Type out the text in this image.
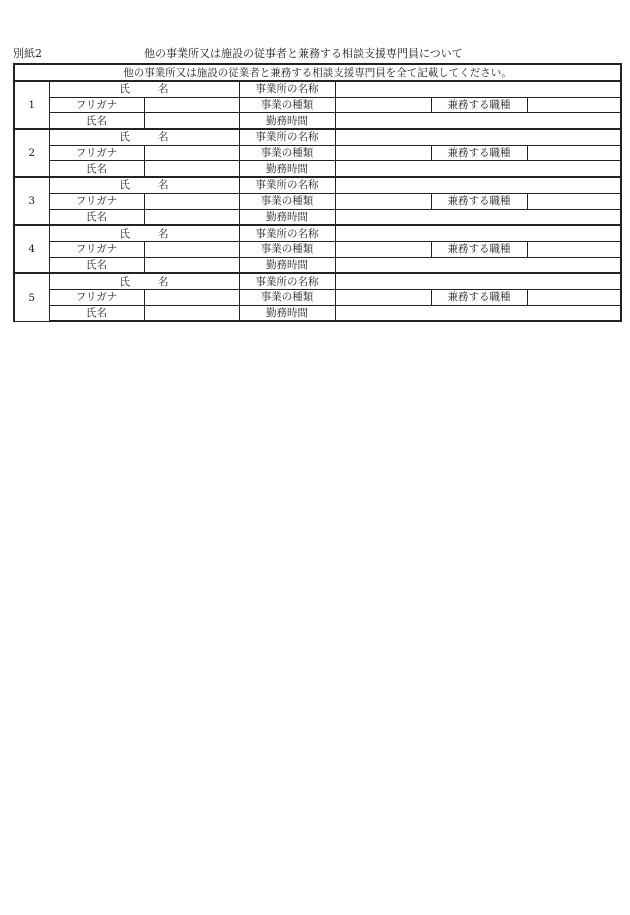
別紙2	他の事業所又は施設の従事者と兼務する相談支援専門員について
他の事業所又は施設の従業者と兼務する相談支援専門員を全て記載してください。						
1	氏 名		事業所の名称			
	フリガナ		事業の種類		兼務する職種	
	氏名		勤務時間			
2	氏 名		事業所の名称			
	フリガナ		事業の種類		兼務する職種	
	氏名		勤務時間			
3	氏 名		事業所の名称			
	フリガナ		事業の種類		兼務する職種	
	氏名		勤務時間			
4	氏 名		事業所の名称			
	フリガナ		事業の種類		兼務する職種	
	氏名		勤務時間			
5	氏 名		事業所の名称			
	フリガナ		事業の種類		兼務する職種	
	氏名		勤務時間			
